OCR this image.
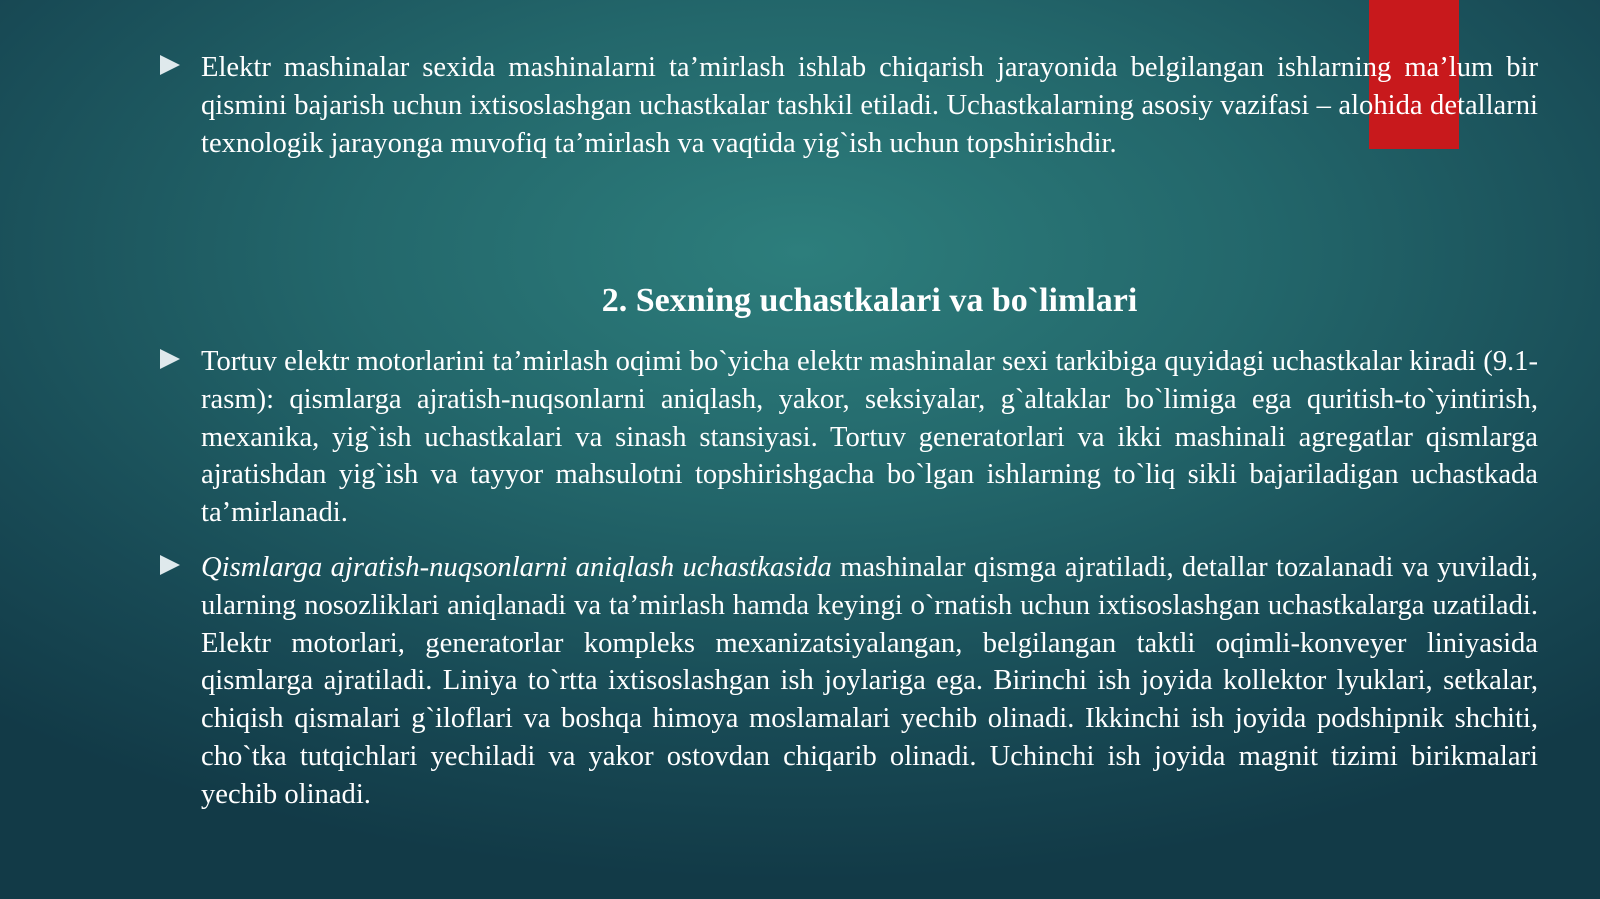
Elektr mashinalar sexida mashinalarni ta’mirlash ishlab chiqarish jarayonida belgilangan ishlarning ma’lum bir qismini bajarish uchun ixtisoslashgan uchastkalar tashkil etiladi. Uchastkalarning asosiy vazifasi – alohida detallarni texnologik jarayonga muvofiq ta’mirlash va vaqtida yig`ish uchun topshirishdir.

2. Sexning uchastkalari va bo`limlari

Tortuv elektr motorlarini ta’mirlash oqimi bo`yicha elektr mashinalar sexi tarkibiga quyidagi uchastkalar kiradi (9.1-rasm): qismlarga ajratish-nuqsonlarni aniqlash, yakor, seksiyalar, g`altaklar bo`limiga ega quritish-to`yintirish, mexanika, yig`ish uchastkalari va sinash stansiyasi. Tortuv generatorlari va ikki mashinali agregatlar qismlarga ajratishdan yig`ish va tayyor mahsulotni topshirishgacha bo`lgan ishlarning to`liq sikli bajariladigan uchastkada ta’mirlanadi.

Qismlarga ajratish-nuqsonlarni aniqlash uchastkasida mashinalar qismga ajratiladi, detallar tozalanadi va yuviladi, ularning nosozliklari aniqlanadi va ta’mirlash hamda keyingi o`rnatish uchun ixtisoslashgan uchastkalarga uzatiladi. Elektr motorlari, generatorlar kompleks mexanizatsiyalangan, belgilangan taktli oqimli-konveyer liniyasida qismlarga ajratiladi. Liniya to`rtta ixtisoslashgan ish joylariga ega. Birinchi ish joyida kollektor lyuklari, setkalar, chiqish qismalari g`iloflari va boshqa himoya moslamalari yechib olinadi. Ikkinchi ish joyida podshipnik shchiti, cho`tka tutqichlari yechiladi va yakor ostovdan chiqarib olinadi. Uchinchi ish joyida magnit tizimi birikmalari yechib olinadi.
